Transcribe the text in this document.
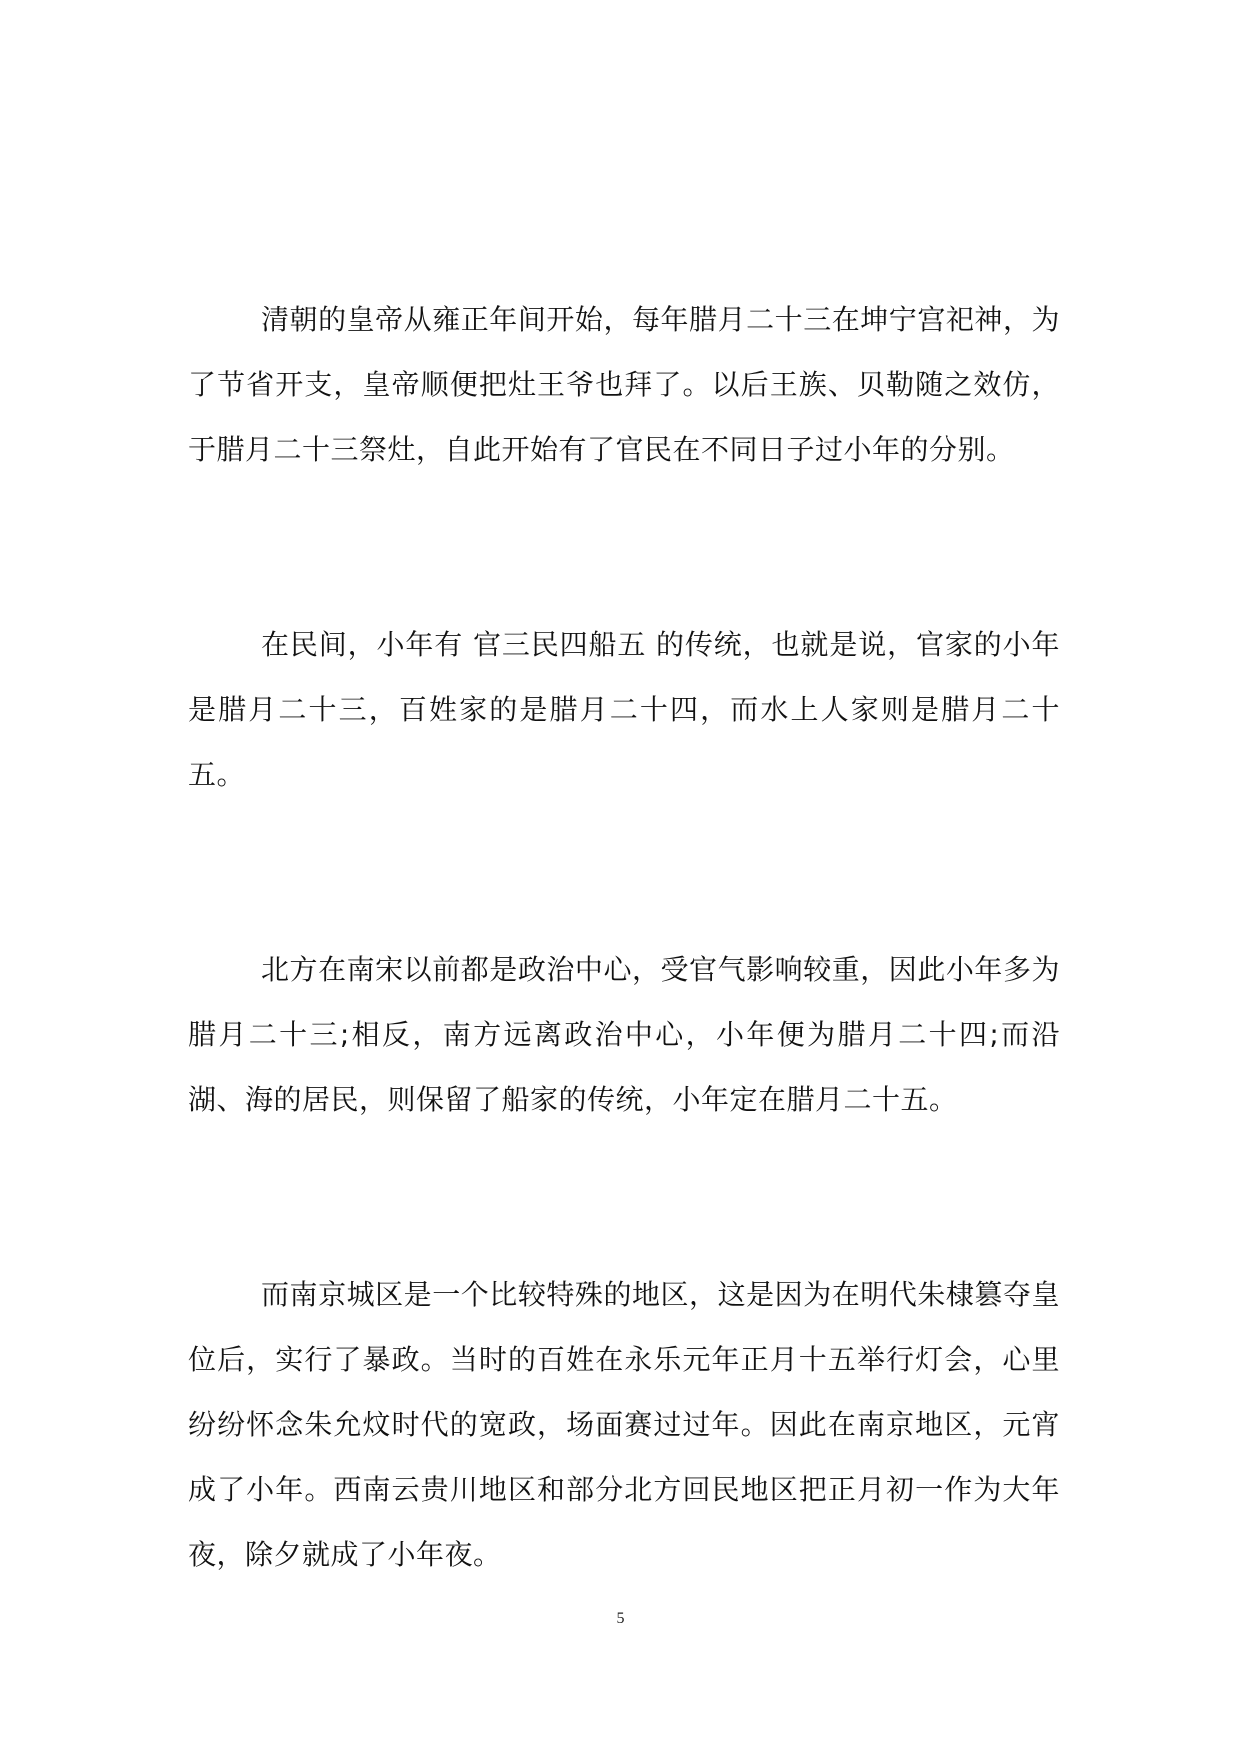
清朝的皇帝从雍正年间开始，每年腊月二十三在坤宁宫祀神，为了节省开支，皇帝顺便把灶王爷也拜了。以后王族、贝勒随之效仿，于腊月二十三祭灶，自此开始有了官民在不同日子过小年的分别。

在民间，小年有 官三民四船五 的传统，也就是说，官家的小年是腊月二十三，百姓家的是腊月二十四，而水上人家则是腊月二十五。

北方在南宋以前都是政治中心，受官气影响较重，因此小年多为腊月二十三;相反，南方远离政治中心，小年便为腊月二十四;而沿湖、海的居民，则保留了船家的传统，小年定在腊月二十五。

而南京城区是一个比较特殊的地区，这是因为在明代朱棣篡夺皇位后，实行了暴政。当时的百姓在永乐元年正月十五举行灯会，心里纷纷怀念朱允炆时代的宽政，场面赛过过年。因此在南京地区，元宵成了小年。西南云贵川地区和部分北方回民地区把正月初一作为大年夜，除夕就成了小年夜。

5
